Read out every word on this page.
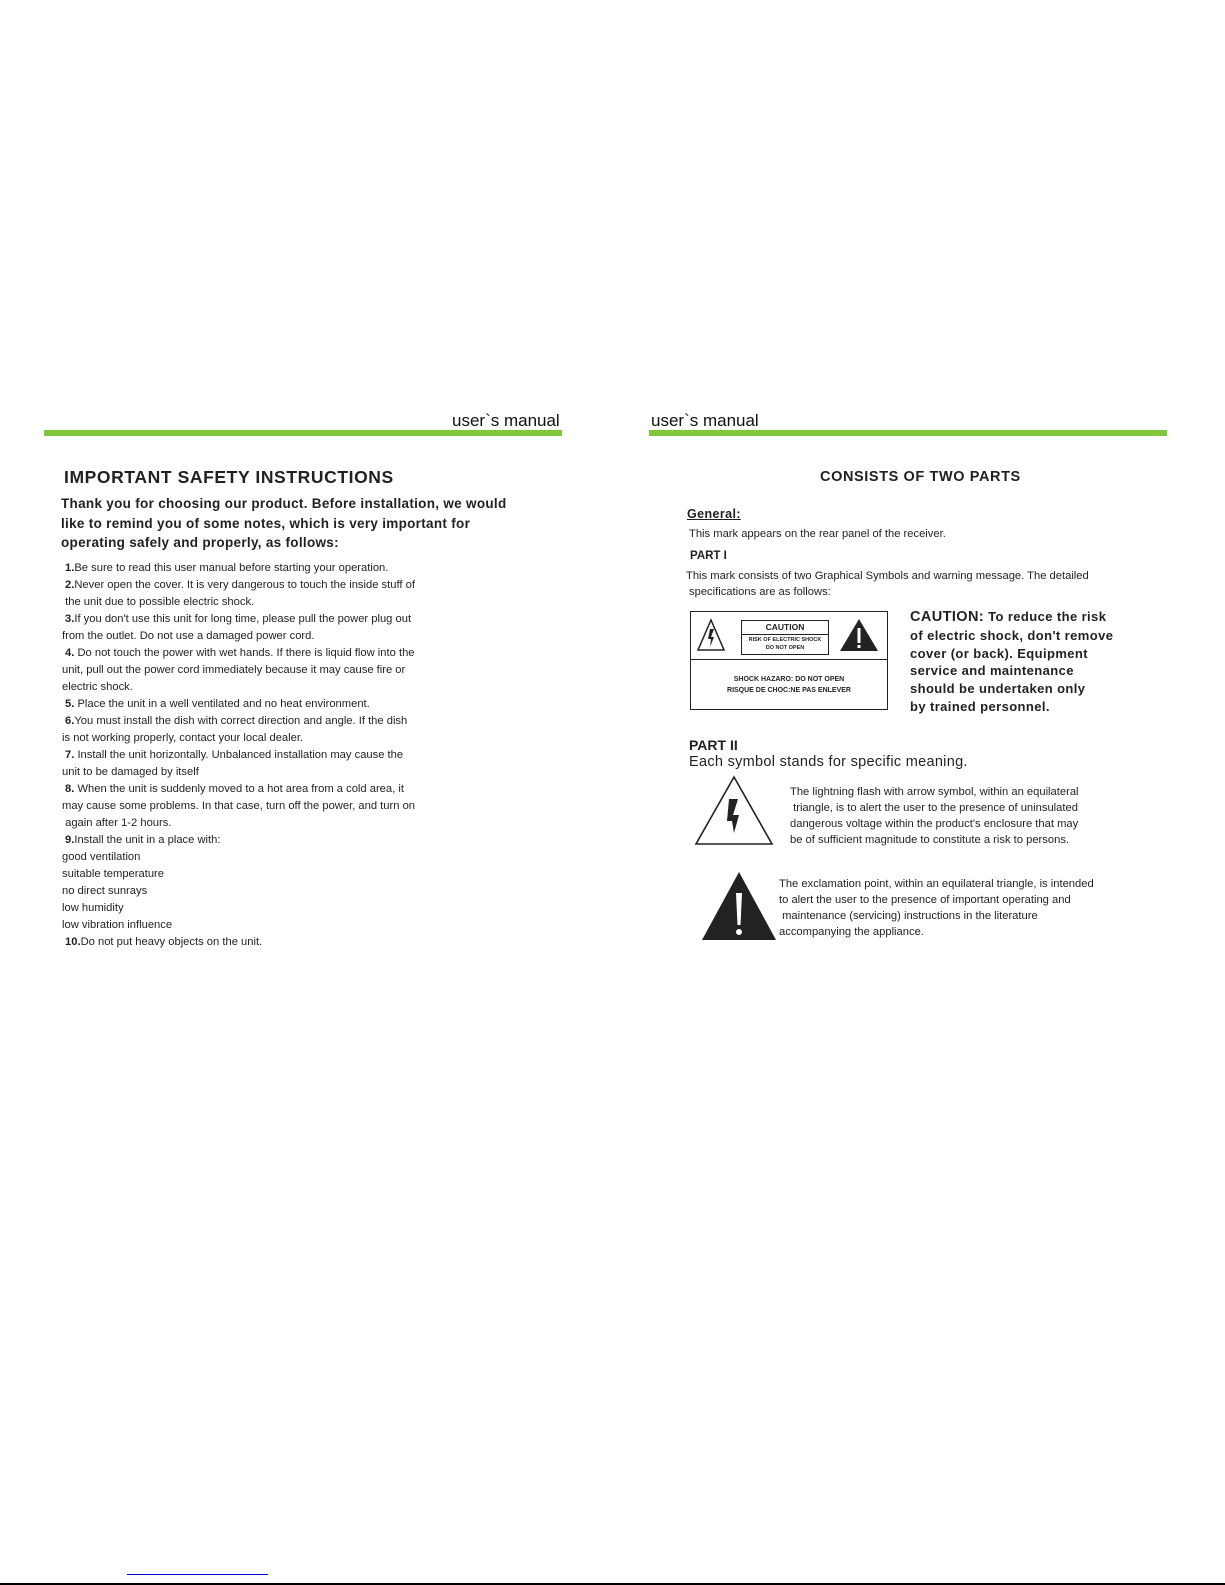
user`s manual	user`s manual
IMPORTANT SAFETY INSTRUCTIONS
Thank you for choosing our product. Before installation, we would
like to remind you of some notes, which is very important for
operating safely and properly, as follows:
1.Be sure to read this user manual before starting your operation.
2.Never open the cover. It is very dangerous to touch the inside stuff of
the unit due to possible electric shock.
3.If you don't use this unit for long time, please pull the power plug out
from the outlet. Do not use a damaged power cord.
4. Do not touch the power with wet hands. If there is liquid flow into the
unit, pull out the power cord immediately because it may cause fire or
electric shock.
5. Place the unit in a well ventilated and no heat environment.
6.You must install the dish with correct direction and angle. If the dish
is not working properly, contact your local dealer.
7. Install the unit horizontally. Unbalanced installation may cause the
unit to be damaged by itself
8. When the unit is suddenly moved to a hot area from a cold area, it
may cause some problems. In that case, turn off the power, and turn on
again after 1-2 hours.
9.Install the unit in a place with:
good ventilation
suitable temperature
no direct sunrays
low humidity
low vibration influence
10.Do not put heavy objects on the unit.
CONSISTS OF TWO PARTS
General:
This mark appears on the rear panel of the receiver.
PART I
This mark consists of two Graphical Symbols and warning message. The detailed
specifications are as follows:
CAUTION
RISK OF ELECTRIC SHOCK
DO NOT OPEN
SHOCK HAZARO: DO NOT OPEN
RISQUE DE CHOC:NE PAS ENLEVER
CAUTION: To reduce the risk
of electric shock, don't remove
cover (or back). Equipment
service and maintenance
should be undertaken only
by trained personnel.
PART II
Each symbol stands for specific meaning.
The lightning flash with arrow symbol, within an equilateral
triangle, is to alert the user to the presence of uninsulated
dangerous voltage within the product's enclosure that may
be of sufficient magnitude to constitute a risk to persons.
The exclamation point, within an equilateral triangle, is intended
to alert the user to the presence of important operating and
maintenance (servicing) instructions in the literature
accompanying the appliance.
